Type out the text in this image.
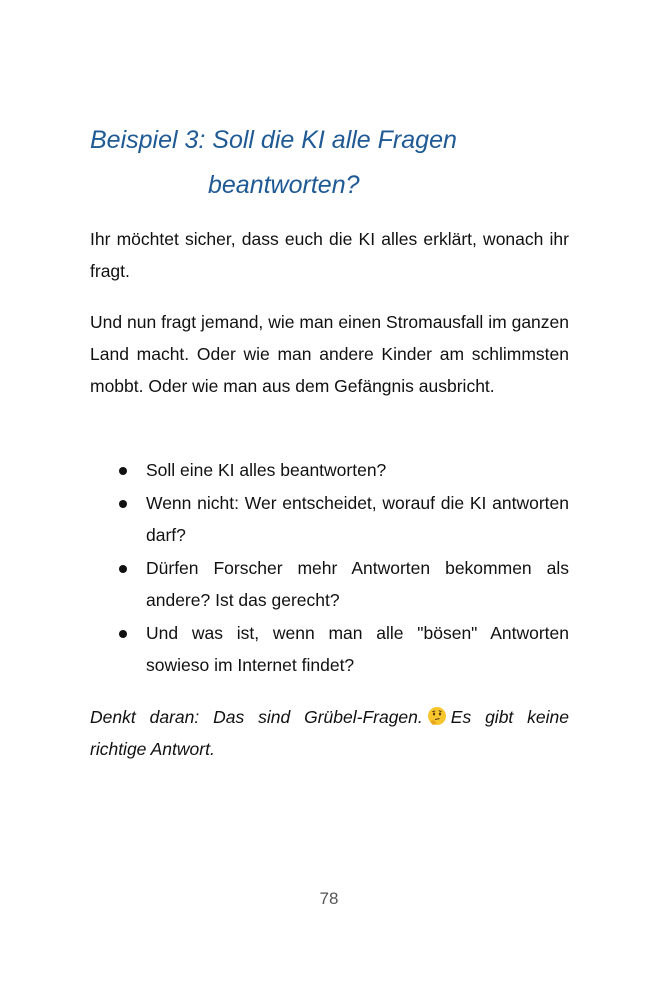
Beispiel 3: Soll die KI alle Fragen
beantworten?

Ihr möchtet sicher, dass euch die KI alles erklärt, wonach ihr fragt.

Und nun fragt jemand, wie man einen Stromausfall im ganzen Land macht. Oder wie man andere Kinder am schlimmsten mobbt. Oder wie man aus dem Gefängnis ausbricht.

Soll eine KI alles beantworten?
Wenn nicht: Wer entscheidet, worauf die KI antworten darf?
Dürfen Forscher mehr Antworten bekommen als andere? Ist das gerecht?
Und was ist, wenn man alle "bösen" Antworten sowieso im Internet findet?

Denkt daran: Das sind Grübel-Fragen. Es gibt keine richtige Antwort.

78
